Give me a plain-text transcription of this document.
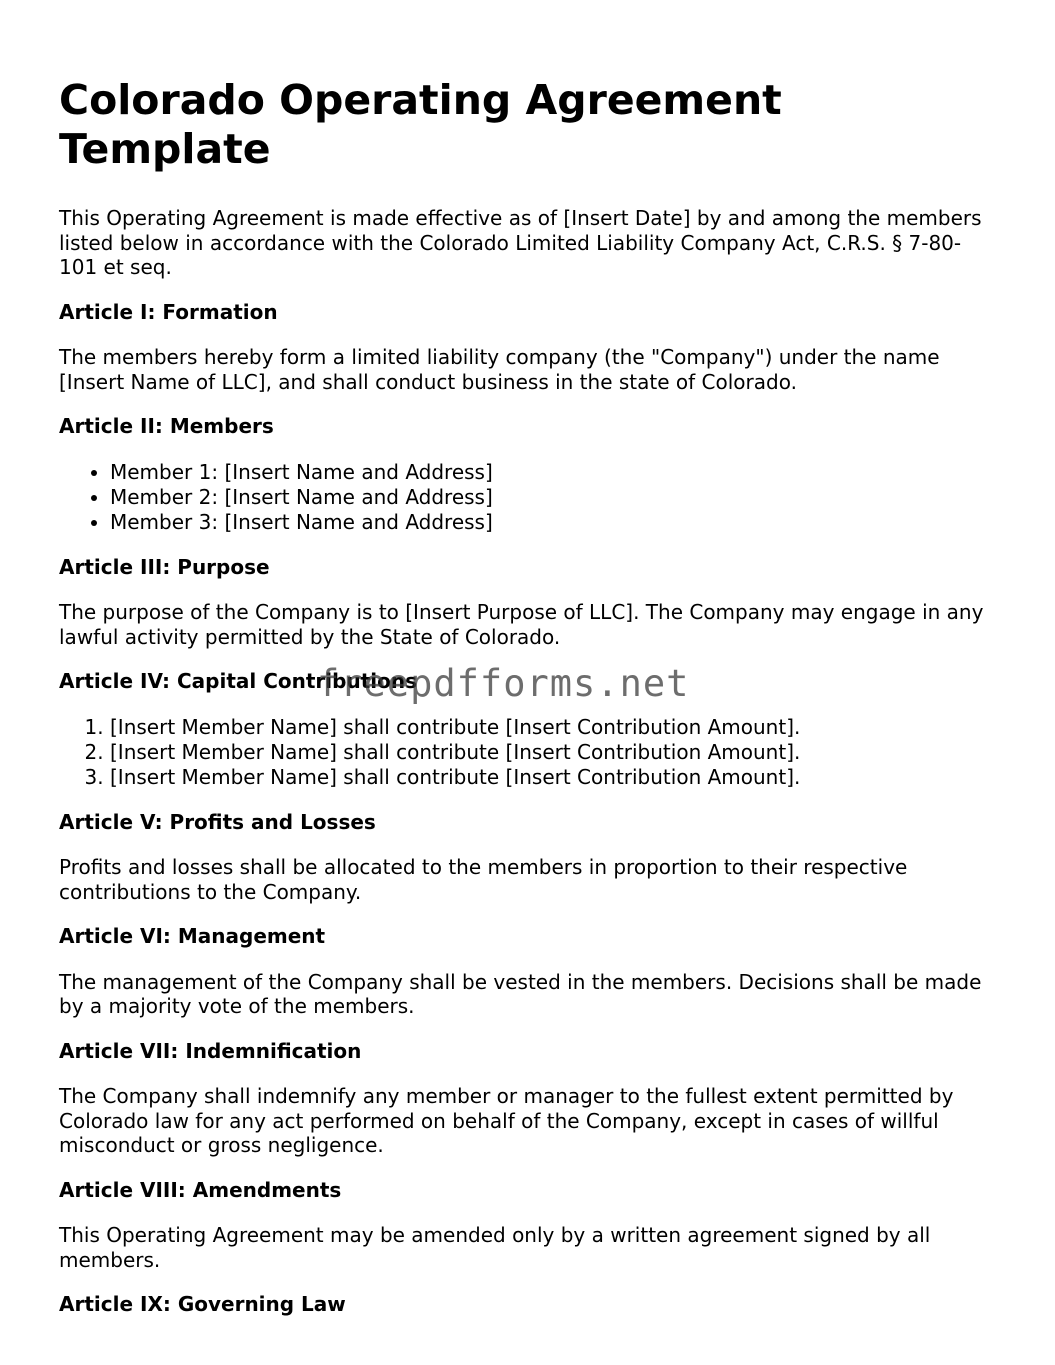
Colorado Operating Agreement Template

This Operating Agreement is made effective as of [Insert Date] by and among the members listed below in accordance with the Colorado Limited Liability Company Act, C.R.S. § 7-80-101 et seq.

Article I: Formation

The members hereby form a limited liability company (the "Company") under the name [Insert Name of LLC], and shall conduct business in the state of Colorado.

Article II: Members
• Member 1: [Insert Name and Address]
• Member 2: [Insert Name and Address]
• Member 3: [Insert Name and Address]
Article III: Purpose

The purpose of the Company is to [Insert Purpose of LLC]. The Company may engage in any lawful activity permitted by the State of Colorado.

Article IV: Capital Contributions
1. [Insert Member Name] shall contribute [Insert Contribution Amount].
2. [Insert Member Name] shall contribute [Insert Contribution Amount].
3. [Insert Member Name] shall contribute [Insert Contribution Amount].
Article V: Profits and Losses

Profits and losses shall be allocated to the members in proportion to their respective contributions to the Company.

Article VI: Management

The management of the Company shall be vested in the members. Decisions shall be made by a majority vote of the members.

Article VII: Indemnification

The Company shall indemnify any member or manager to the fullest extent permitted by Colorado law for any act performed on behalf of the Company, except in cases of willful misconduct or gross negligence.

Article VIII: Amendments

This Operating Agreement may be amended only by a written agreement signed by all members.

Article IX: Governing Law
freepdfforms.net
